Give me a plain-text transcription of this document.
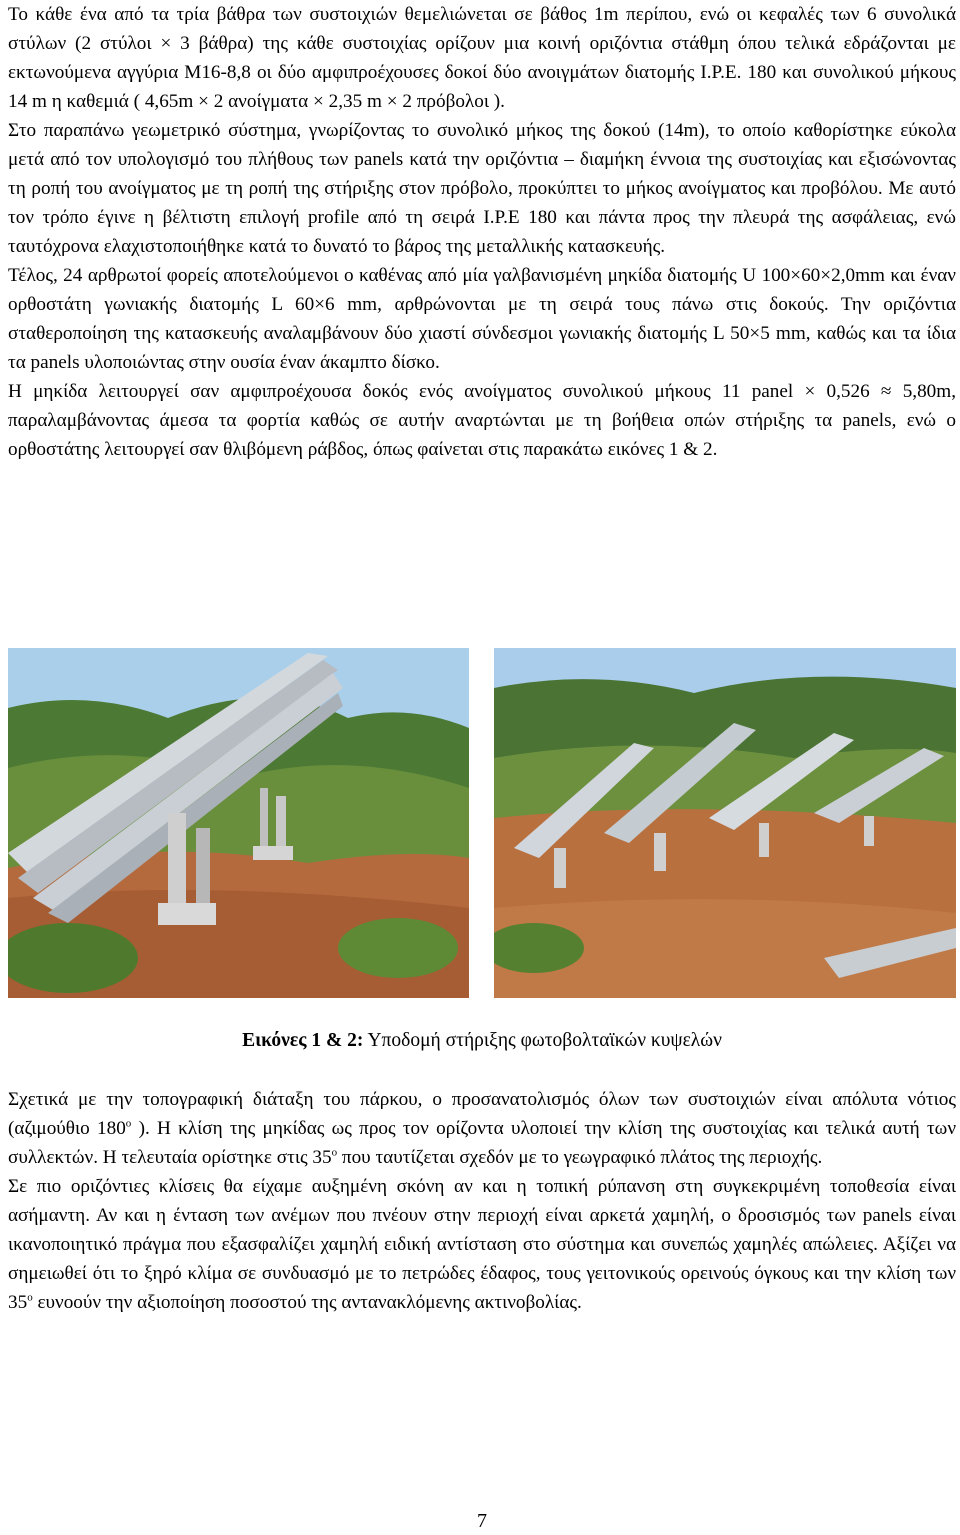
Το κάθε ένα από τα τρία βάθρα των συστοιχιών θεμελιώνεται σε βάθος 1m περίπου, ενώ οι κεφαλές των 6 συνολικά στύλων (2 στύλοι × 3 βάθρα) της κάθε συστοιχίας ορίζουν μια κοινή οριζόντια στάθμη όπου τελικά εδράζονται με εκτωνούμενα αγγύρια Μ16-8,8 οι δύο αμφιπροέχουσες δοκοί δύο ανοιγμάτων διατομής Ι.Ρ.Ε. 180 και συνολικού μήκους 14 m η καθεμιά ( 4,65m × 2 ανοίγματα × 2,35 m × 2 πρόβολοι ).

Στο παραπάνω γεωμετρικό σύστημα, γνωρίζοντας το συνολικό μήκος της δοκού (14m), το οποίο καθορίστηκε εύκολα μετά από τον υπολογισμό του πλήθους των panels κατά την οριζόντια – διαμήκη έννοια της συστοιχίας και εξισώνοντας τη ροπή του ανοίγματος με τη ροπή της στήριξης στον πρόβολο, προκύπτει το μήκος ανοίγματος και προβόλου. Με αυτό τον τρόπο έγινε η βέλτιστη επιλογή profile από τη σειρά Ι.Ρ.Ε 180 και πάντα προς την πλευρά της ασφάλειας, ενώ ταυτόχρονα ελαχιστοποιήθηκε κατά το δυνατό το βάρος της μεταλλικής κατασκευής.

Τέλος, 24 αρθρωτοί φορείς αποτελούμενοι ο καθένας από μία γαλβανισμένη μηκίδα διατομής U 100×60×2,0mm και έναν ορθοστάτη γωνιακής διατομής L 60×6 mm, αρθρώνονται με τη σειρά τους πάνω στις δοκούς. Την οριζόντια σταθεροποίηση της κατασκευής αναλαμβάνουν δύο χιαστί σύνδεσμοι γωνιακής διατομής L 50×5 mm, καθώς και τα ίδια τα panels υλοποιώντας στην ουσία έναν άκαμπτο δίσκο.

Η μηκίδα λειτουργεί σαν αμφιπροέχουσα δοκός ενός ανοίγματος συνολικού μήκους 11 panel × 0,526 ≈ 5,80m, παραλαμβάνοντας άμεσα τα φορτία καθώς σε αυτήν αναρτώνται με τη βοήθεια οπών στήριξης τα panels, ενώ ο ορθοστάτης λειτουργεί σαν θλιβόμενη ράβδος, όπως φαίνεται στις παρακάτω εικόνες 1 & 2.

Εικόνες 1 & 2: Υποδομή στήριξης φωτοβολταϊκών κυψελών

Σχετικά με την τοπογραφική διάταξη του πάρκου, ο προσανατολισμός όλων των συστοιχιών είναι απόλυτα νότιος (αζιμούθιο $180^o$ ). Η κλίση της μηκίδας ως προς τον ορίζοντα υλοποιεί την κλίση της συστοιχίας και τελικά αυτή των συλλεκτών. Η τελευταία ορίστηκε στις $35^o$ που ταυτίζεται σχεδόν με το γεωγραφικό πλάτος της περιοχής.

Σε πιο οριζόντιες κλίσεις θα είχαμε αυξημένη σκόνη αν και η τοπική ρύπανση στη συγκεκριμένη τοποθεσία είναι ασήμαντη. Αν και η ένταση των ανέμων που πνέουν στην περιοχή είναι αρκετά χαμηλή, ο δροσισμός των panels είναι ικανοποιητικό πράγμα που εξασφαλίζει χαμηλή ειδική αντίσταση στο σύστημα και συνεπώς χαμηλές απώλειες. Αξίζει να σημειωθεί ότι το ξηρό κλίμα σε συνδυασμό με το πετρώδες έδαφος, τους γειτονικούς ορεινούς όγκους και την κλίση των $35^o$ ευνοούν την αξιοποίηση ποσοστού της αντανακλόμενης ακτινοβολίας.

7
